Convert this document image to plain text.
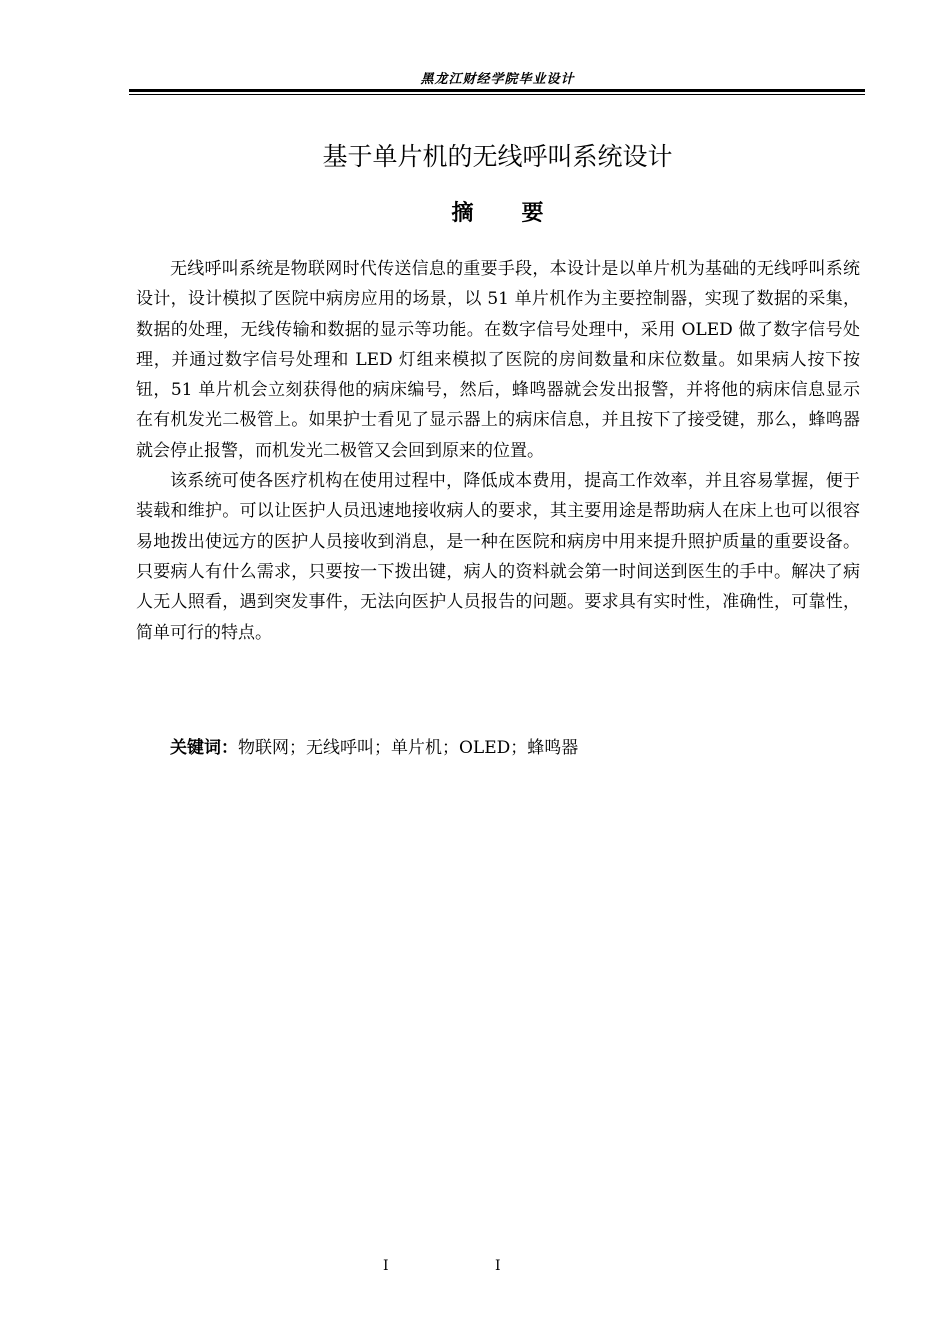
黑龙江财经学院毕业设计
基于单片机的无线呼叫系统设计
摘要

无线呼叫系统是物联网时代传送信息的重要手段，本设计是以单片机为基础的无线呼叫系统设计，设计模拟了医院中病房应用的场景，以 51 单片机作为主要控制器，实现了数据的采集，数据的处理，无线传输和数据的显示等功能。在数字信号处理中，采用 OLED 做了数字信号处理，并通过数字信号处理和 LED 灯组来模拟了医院的房间数量和床位数量。如果病人按下按钮，51 单片机会立刻获得他的病床编号，然后，蜂鸣器就会发出报警，并将他的病床信息显示在有机发光二极管上。如果护士看见了显示器上的病床信息，并且按下了接受键，那么，蜂鸣器就会停止报警，而机发光二极管又会回到原来的位置。

该系统可使各医疗机构在使用过程中，降低成本费用，提高工作效率，并且容易掌握，便于装载和维护。可以让医护人员迅速地接收病人的要求，其主要用途是帮助病人在床上也可以很容易地拨出使远方的医护人员接收到消息，是一种在医院和病房中用来提升照护质量的重要设备。只要病人有什么需求，只要按一下拨出键，病人的资料就会第一时间送到医生的手中。解决了病人无人照看，遇到突发事件，无法向医护人员报告的问题。要求具有实时性，准确性，可靠性，简单可行的特点。

关键词：物联网；无线呼叫；单片机；OLED；蜂鸣器
I	I
